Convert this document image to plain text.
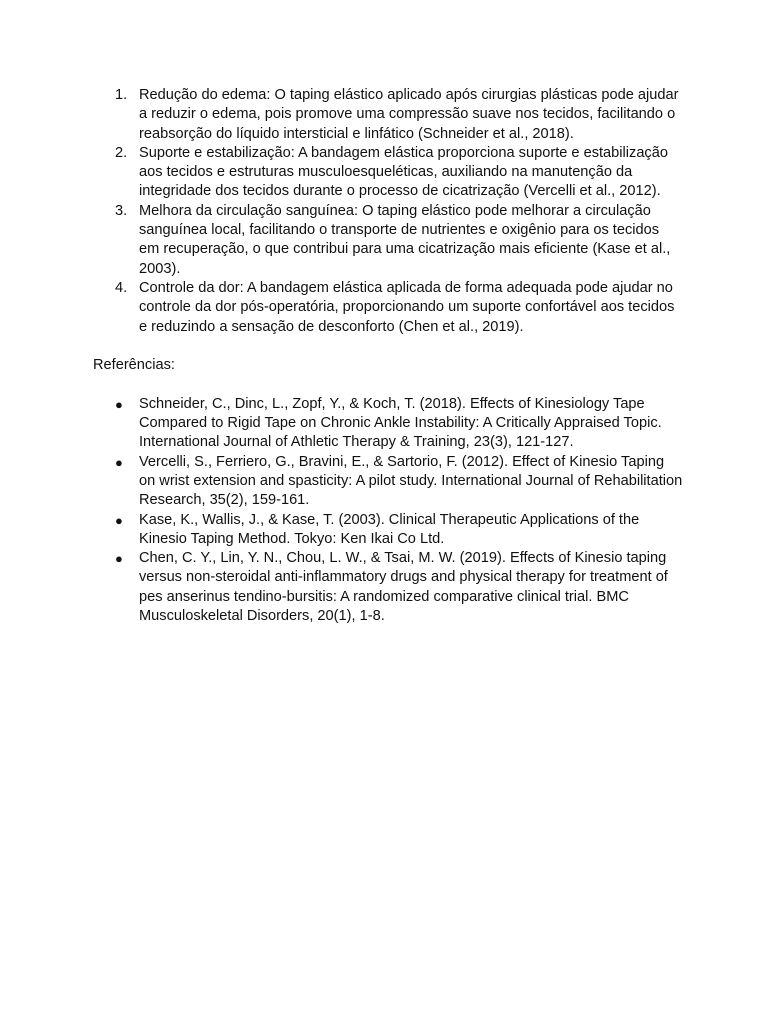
1. Redução do edema: O taping elástico aplicado após cirurgias plásticas pode ajudar a reduzir o edema, pois promove uma compressão suave nos tecidos, facilitando o reabsorção do líquido intersticial e linfático (Schneider et al., 2018).
2. Suporte e estabilização: A bandagem elástica proporciona suporte e estabilização aos tecidos e estruturas musculoesqueléticas, auxiliando na manutenção da integridade dos tecidos durante o processo de cicatrização (Vercelli et al., 2012).
3. Melhora da circulação sanguínea: O taping elástico pode melhorar a circulação sanguínea local, facilitando o transporte de nutrientes e oxigênio para os tecidos em recuperação, o que contribui para uma cicatrização mais eficiente (Kase et al., 2003).
4. Controle da dor: A bandagem elástica aplicada de forma adequada pode ajudar no controle da dor pós-operatória, proporcionando um suporte confortável aos tecidos e reduzindo a sensação de desconforto (Chen et al., 2019).
Referências:
● Schneider, C., Dinc, L., Zopf, Y., & Koch, T. (2018). Effects of Kinesiology Tape Compared to Rigid Tape on Chronic Ankle Instability: A Critically Appraised Topic. International Journal of Athletic Therapy & Training, 23(3), 121-127.
● Vercelli, S., Ferriero, G., Bravini, E., & Sartorio, F. (2012). Effect of Kinesio Taping on wrist extension and spasticity: A pilot study. International Journal of Rehabilitation Research, 35(2), 159-161.
● Kase, K., Wallis, J., & Kase, T. (2003). Clinical Therapeutic Applications of the Kinesio Taping Method. Tokyo: Ken Ikai Co Ltd.
● Chen, C. Y., Lin, Y. N., Chou, L. W., & Tsai, M. W. (2019). Effects of Kinesio taping versus non-steroidal anti-inflammatory drugs and physical therapy for treatment of pes anserinus tendino-bursitis: A randomized comparative clinical trial. BMC Musculoskeletal Disorders, 20(1), 1-8.
